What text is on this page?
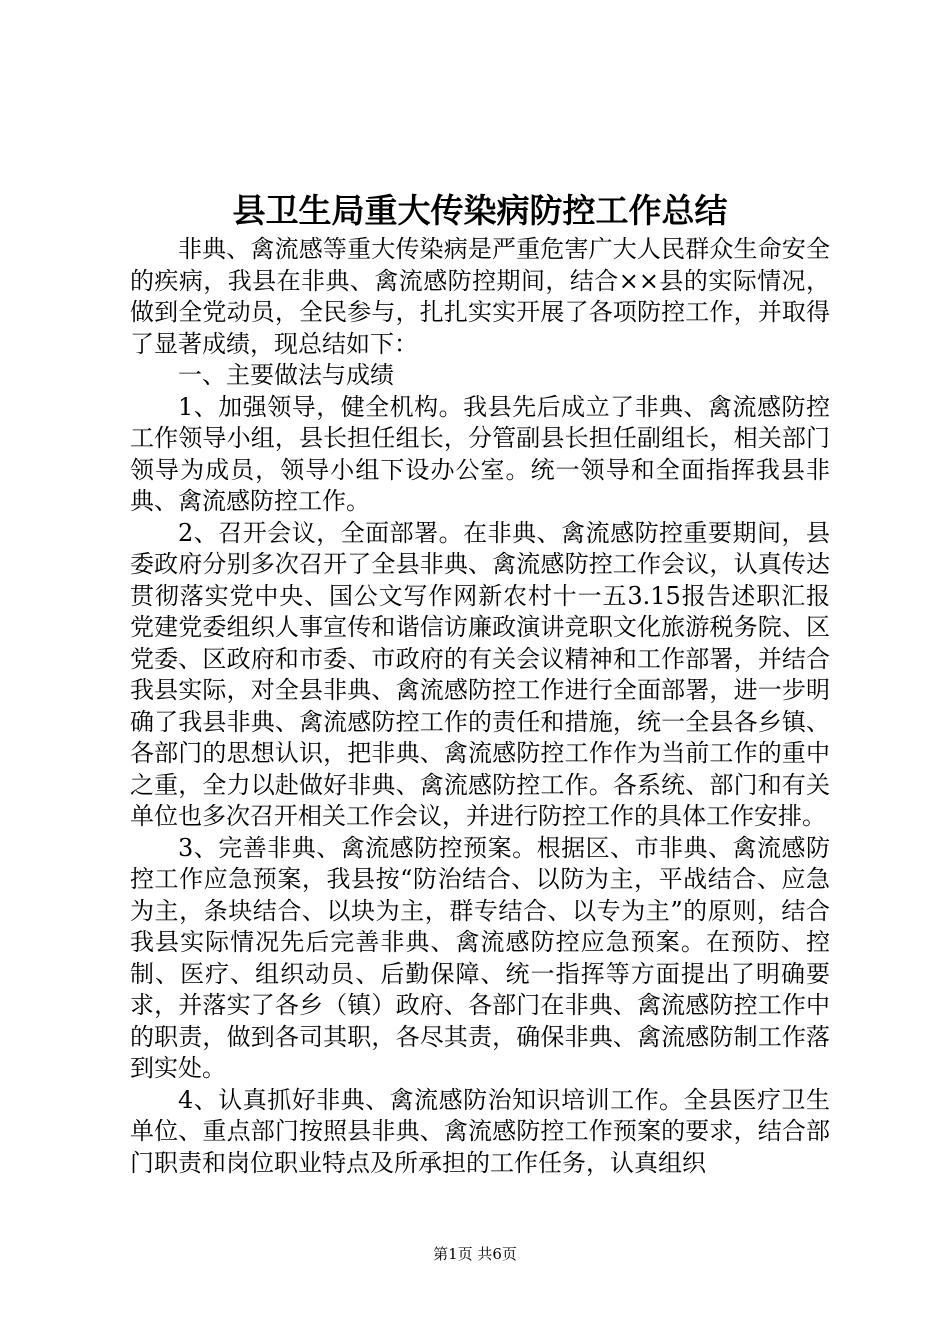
县卫生局重大传染病防控工作总结

非典、禽流感等重大传染病是严重危害广大人民群众生命安全的疾病，我县在非典、禽流感防控期间，结合××县的实际情况，做到全党动员，全民参与，扎扎实实开展了各项防控工作，并取得了显著成绩，现总结如下：

一、主要做法与成绩

1、加强领导，健全机构。我县先后成立了非典、禽流感防控工作领导小组，县长担任组长，分管副县长担任副组长，相关部门领导为成员，领导小组下设办公室。统一领导和全面指挥我县非典、禽流感防控工作。

2、召开会议，全面部署。在非典、禽流感防控重要期间，县委政府分别多次召开了全县非典、禽流感防控工作会议，认真传达贯彻落实党中央、国公文写作网新农村十一五3.15报告述职汇报党建党委组织人事宣传和谐信访廉政演讲竞职文化旅游税务院、区党委、区政府和市委、市政府的有关会议精神和工作部署，并结合我县实际，对全县非典、禽流感防控工作进行全面部署，进一步明确了我县非典、禽流感防控工作的责任和措施，统一全县各乡镇、各部门的思想认识，把非典、禽流感防控工作作为当前工作的重中之重，全力以赴做好非典、禽流感防控工作。各系统、部门和有关单位也多次召开相关工作会议，并进行防控工作的具体工作安排。

3、完善非典、禽流感防控预案。根据区、市非典、禽流感防控工作应急预案，我县按“防治结合、以防为主，平战结合、应急为主，条块结合、以块为主，群专结合、以专为主”的原则，结合我县实际情况先后完善非典、禽流感防控应急预案。在预防、控制、医疗、组织动员、后勤保障、统一指挥等方面提出了明确要求，并落实了各乡（镇）政府、各部门在非典、禽流感防控工作中的职责，做到各司其职，各尽其责，确保非典、禽流感防制工作落到实处。

4、认真抓好非典、禽流感防治知识培训工作。全县医疗卫生单位、重点部门按照县非典、禽流感防控工作预案的要求，结合部门职责和岗位职业特点及所承担的工作任务，认真组织

第1页 共6页
